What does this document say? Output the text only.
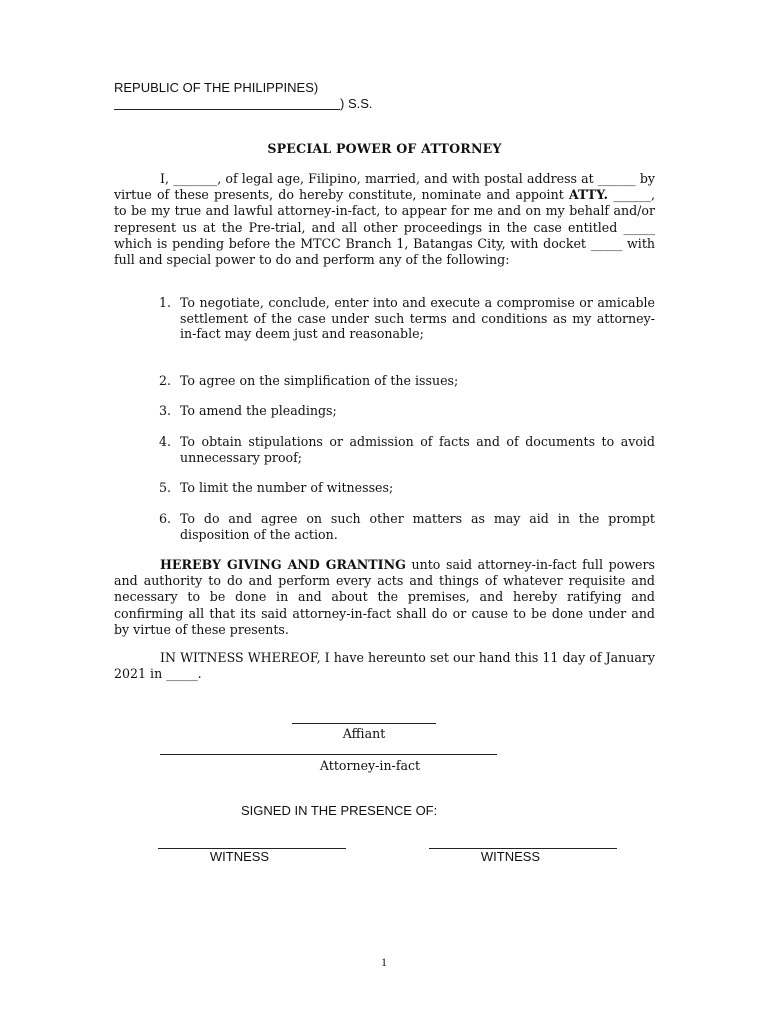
REPUBLIC OF THE PHILIPPINES)
) S.S.
SPECIAL POWER OF ATTORNEY
I, _______, of legal age, Filipino, married, and with postal address at ______ by virtue of these presents, do hereby constitute, nominate and appoint ATTY. ______, to be my true and lawful attorney-in-fact, to appear for me and on my behalf and/or represent us at the Pre-trial, and all other proceedings in the case entitled _____ which is pending before the MTCC Branch 1, Batangas City, with docket _____ with full and special power to do and perform any of the following:
1. To negotiate, conclude, enter into and execute a compromise or amicable settlement of the case under such terms and conditions as my attorney-in-fact may deem just and reasonable;
2. To agree on the simplification of the issues;
3. To amend the pleadings;
4. To obtain stipulations or admission of facts and of documents to avoid unnecessary proof;
5. To limit the number of witnesses;
6. To do and agree on such other matters as may aid in the prompt disposition of the action.
HEREBY GIVING AND GRANTING unto said attorney-in-fact full powers and authority to do and perform every acts and things of whatever requisite and necessary to be done in and about the premises, and hereby ratifying and confirming all that its said attorney-in-fact shall do or cause to be done under and by virtue of these presents.
IN WITNESS WHEREOF, I have hereunto set our hand this 11 day of January 2021 in _____.
Affiant
Attorney-in-fact
SIGNED IN THE PRESENCE OF:
WITNESS	WITNESS
1
